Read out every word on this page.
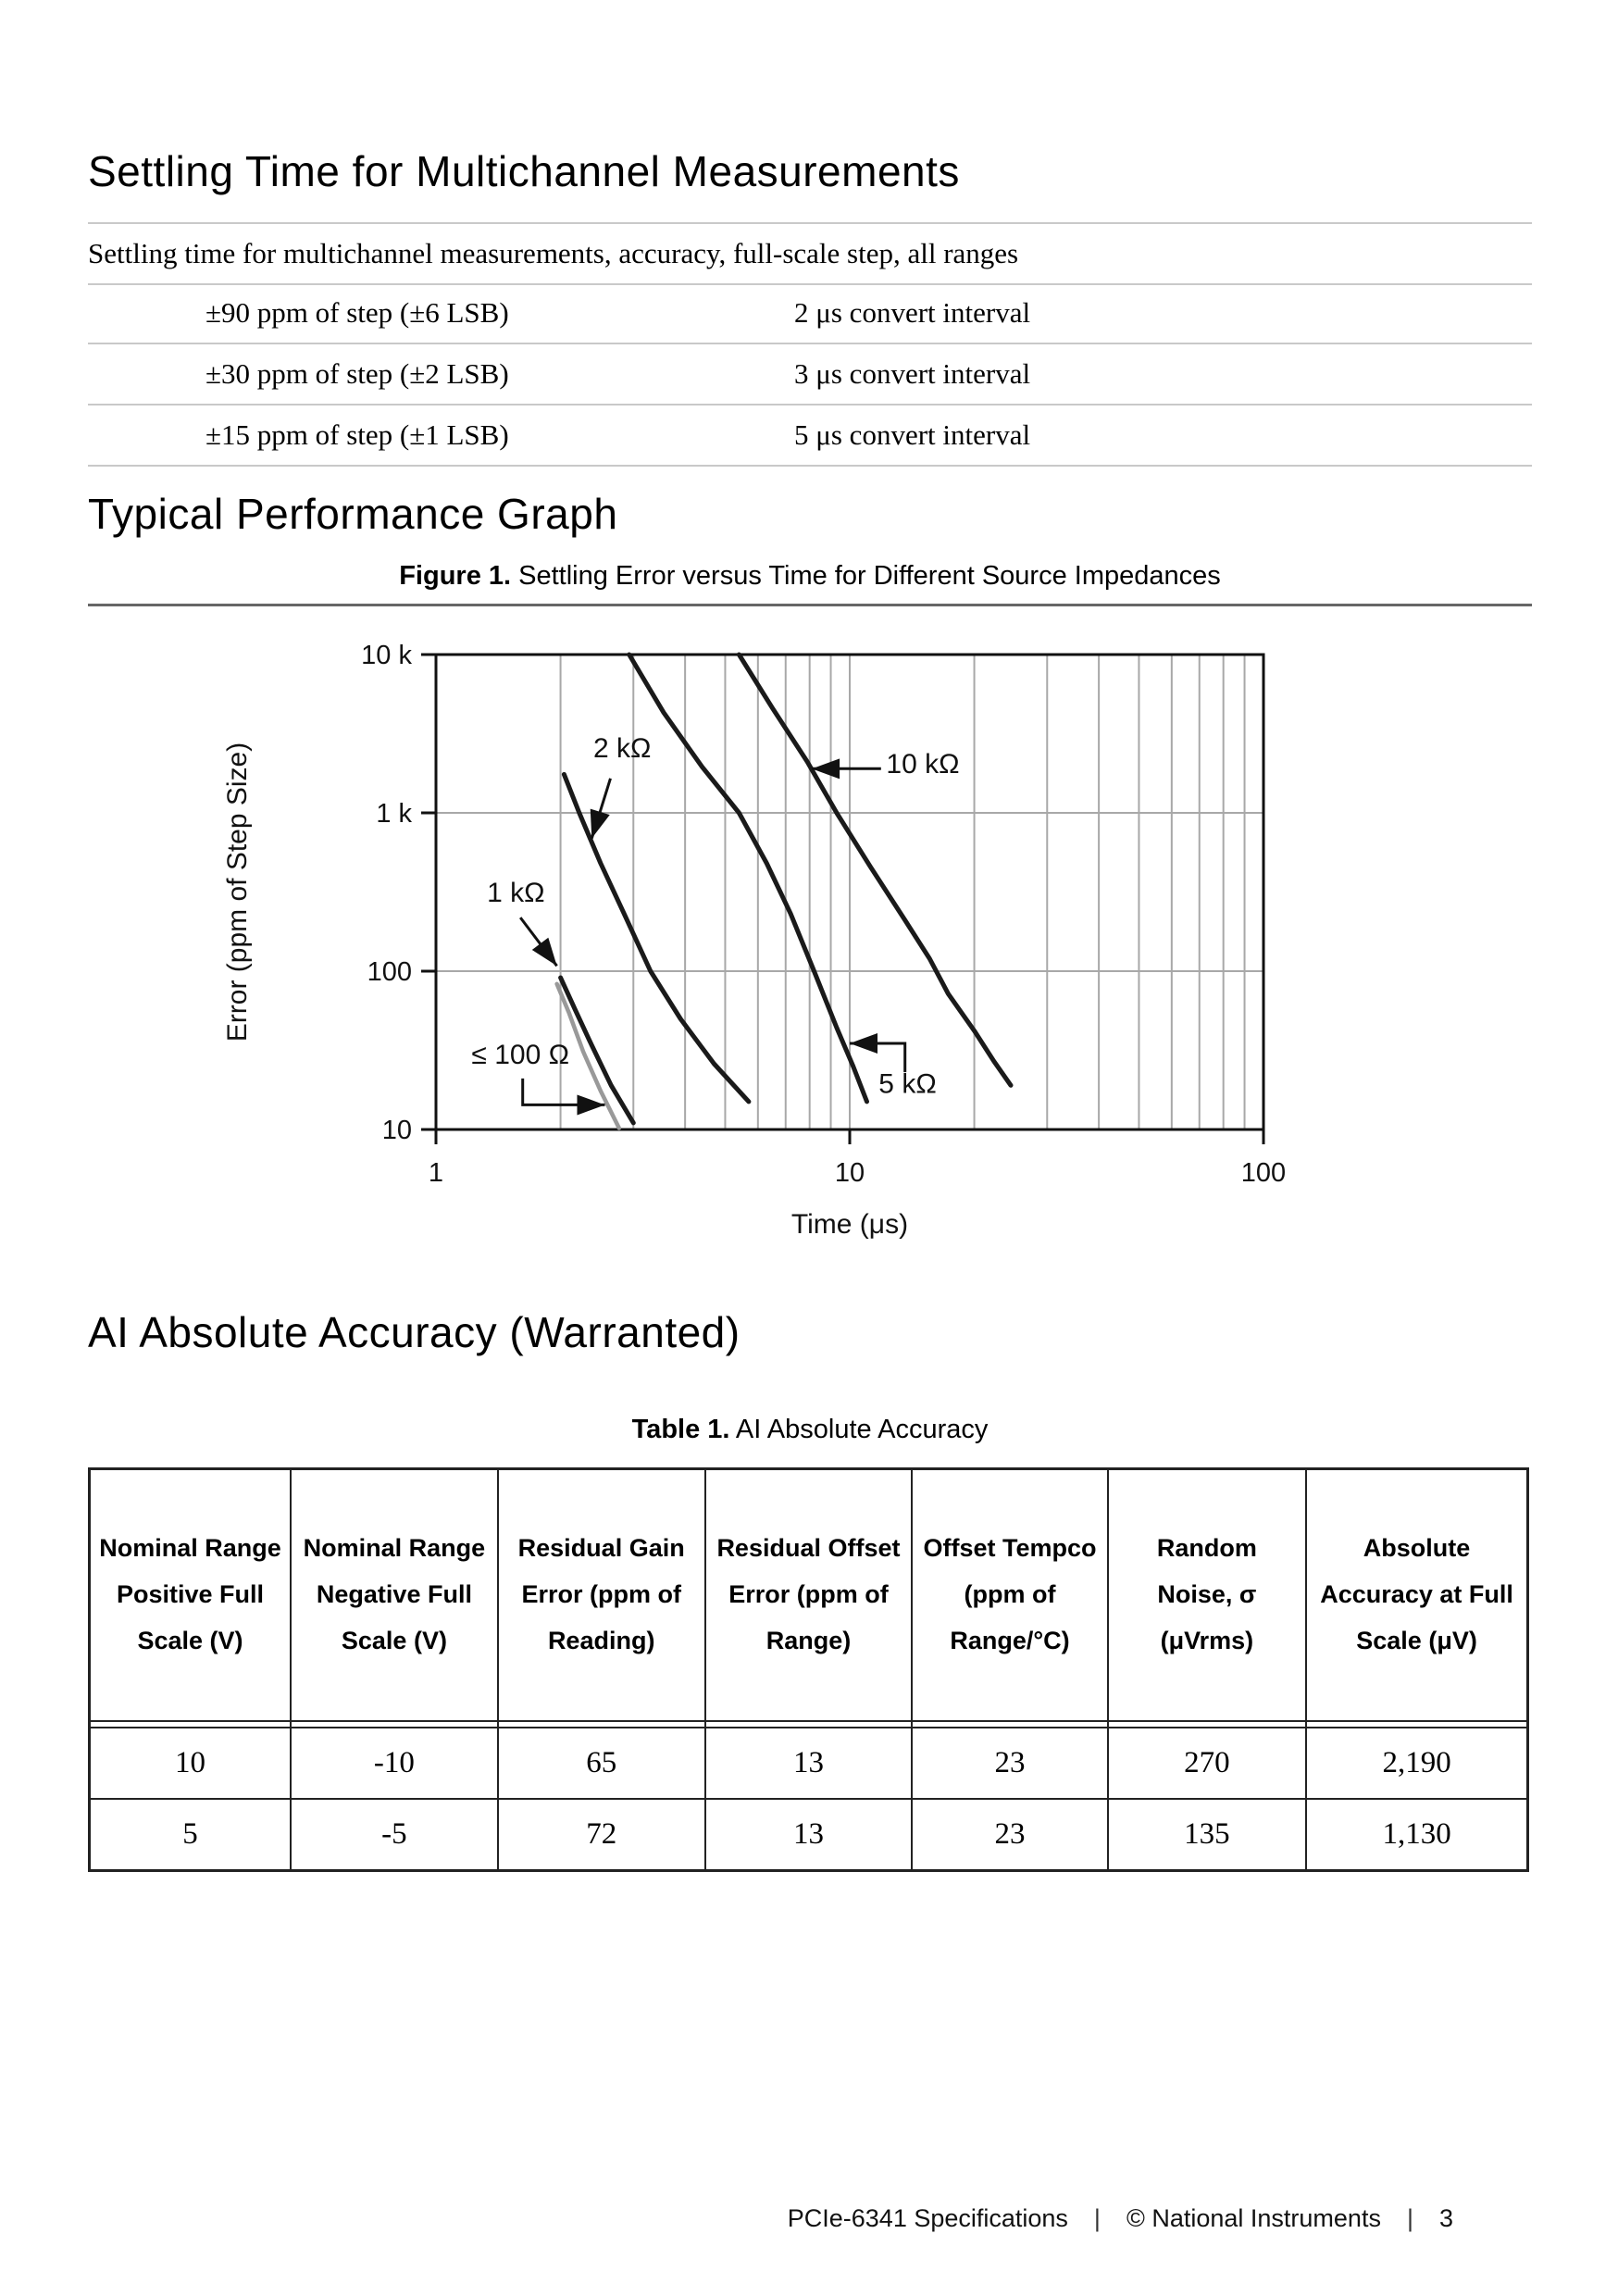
Settling Time for Multichannel Measurements
Settling time for multichannel measurements, accuracy, full-scale step, all ranges
±90 ppm of step (±6 LSB)	2 μs convert interval
±30 ppm of step (±2 LSB)	3 μs convert interval
±15 ppm of step (±1 LSB)	5 μs convert interval
Typical Performance Graph
Figure 1. Settling Error versus Time for Different Source Impedances
1	10	100
10
100
1 k
10 k
Time (μs)
Error (ppm of Step Size)	2 kΩ
10 kΩ
1 kΩ
≤ 100 Ω
5 kΩ
AI Absolute Accuracy (Warranted)
Table 1. AI Absolute Accuracy
Nominal Range Positive Full Scale (V)	Nominal Range Negative Full Scale (V)	Residual Gain Error (ppm of Reading)	Residual Offset Error (ppm of Range)	Offset Tempco (ppm of Range/°C)	Random Noise, σ (μVrms)	Absolute Accuracy at Full Scale (μV)

10	-10	65	13	23	270	2,190
5	-5	72	13	23	135	1,130
PCIe-6341 Specifications | © National Instruments | 3
